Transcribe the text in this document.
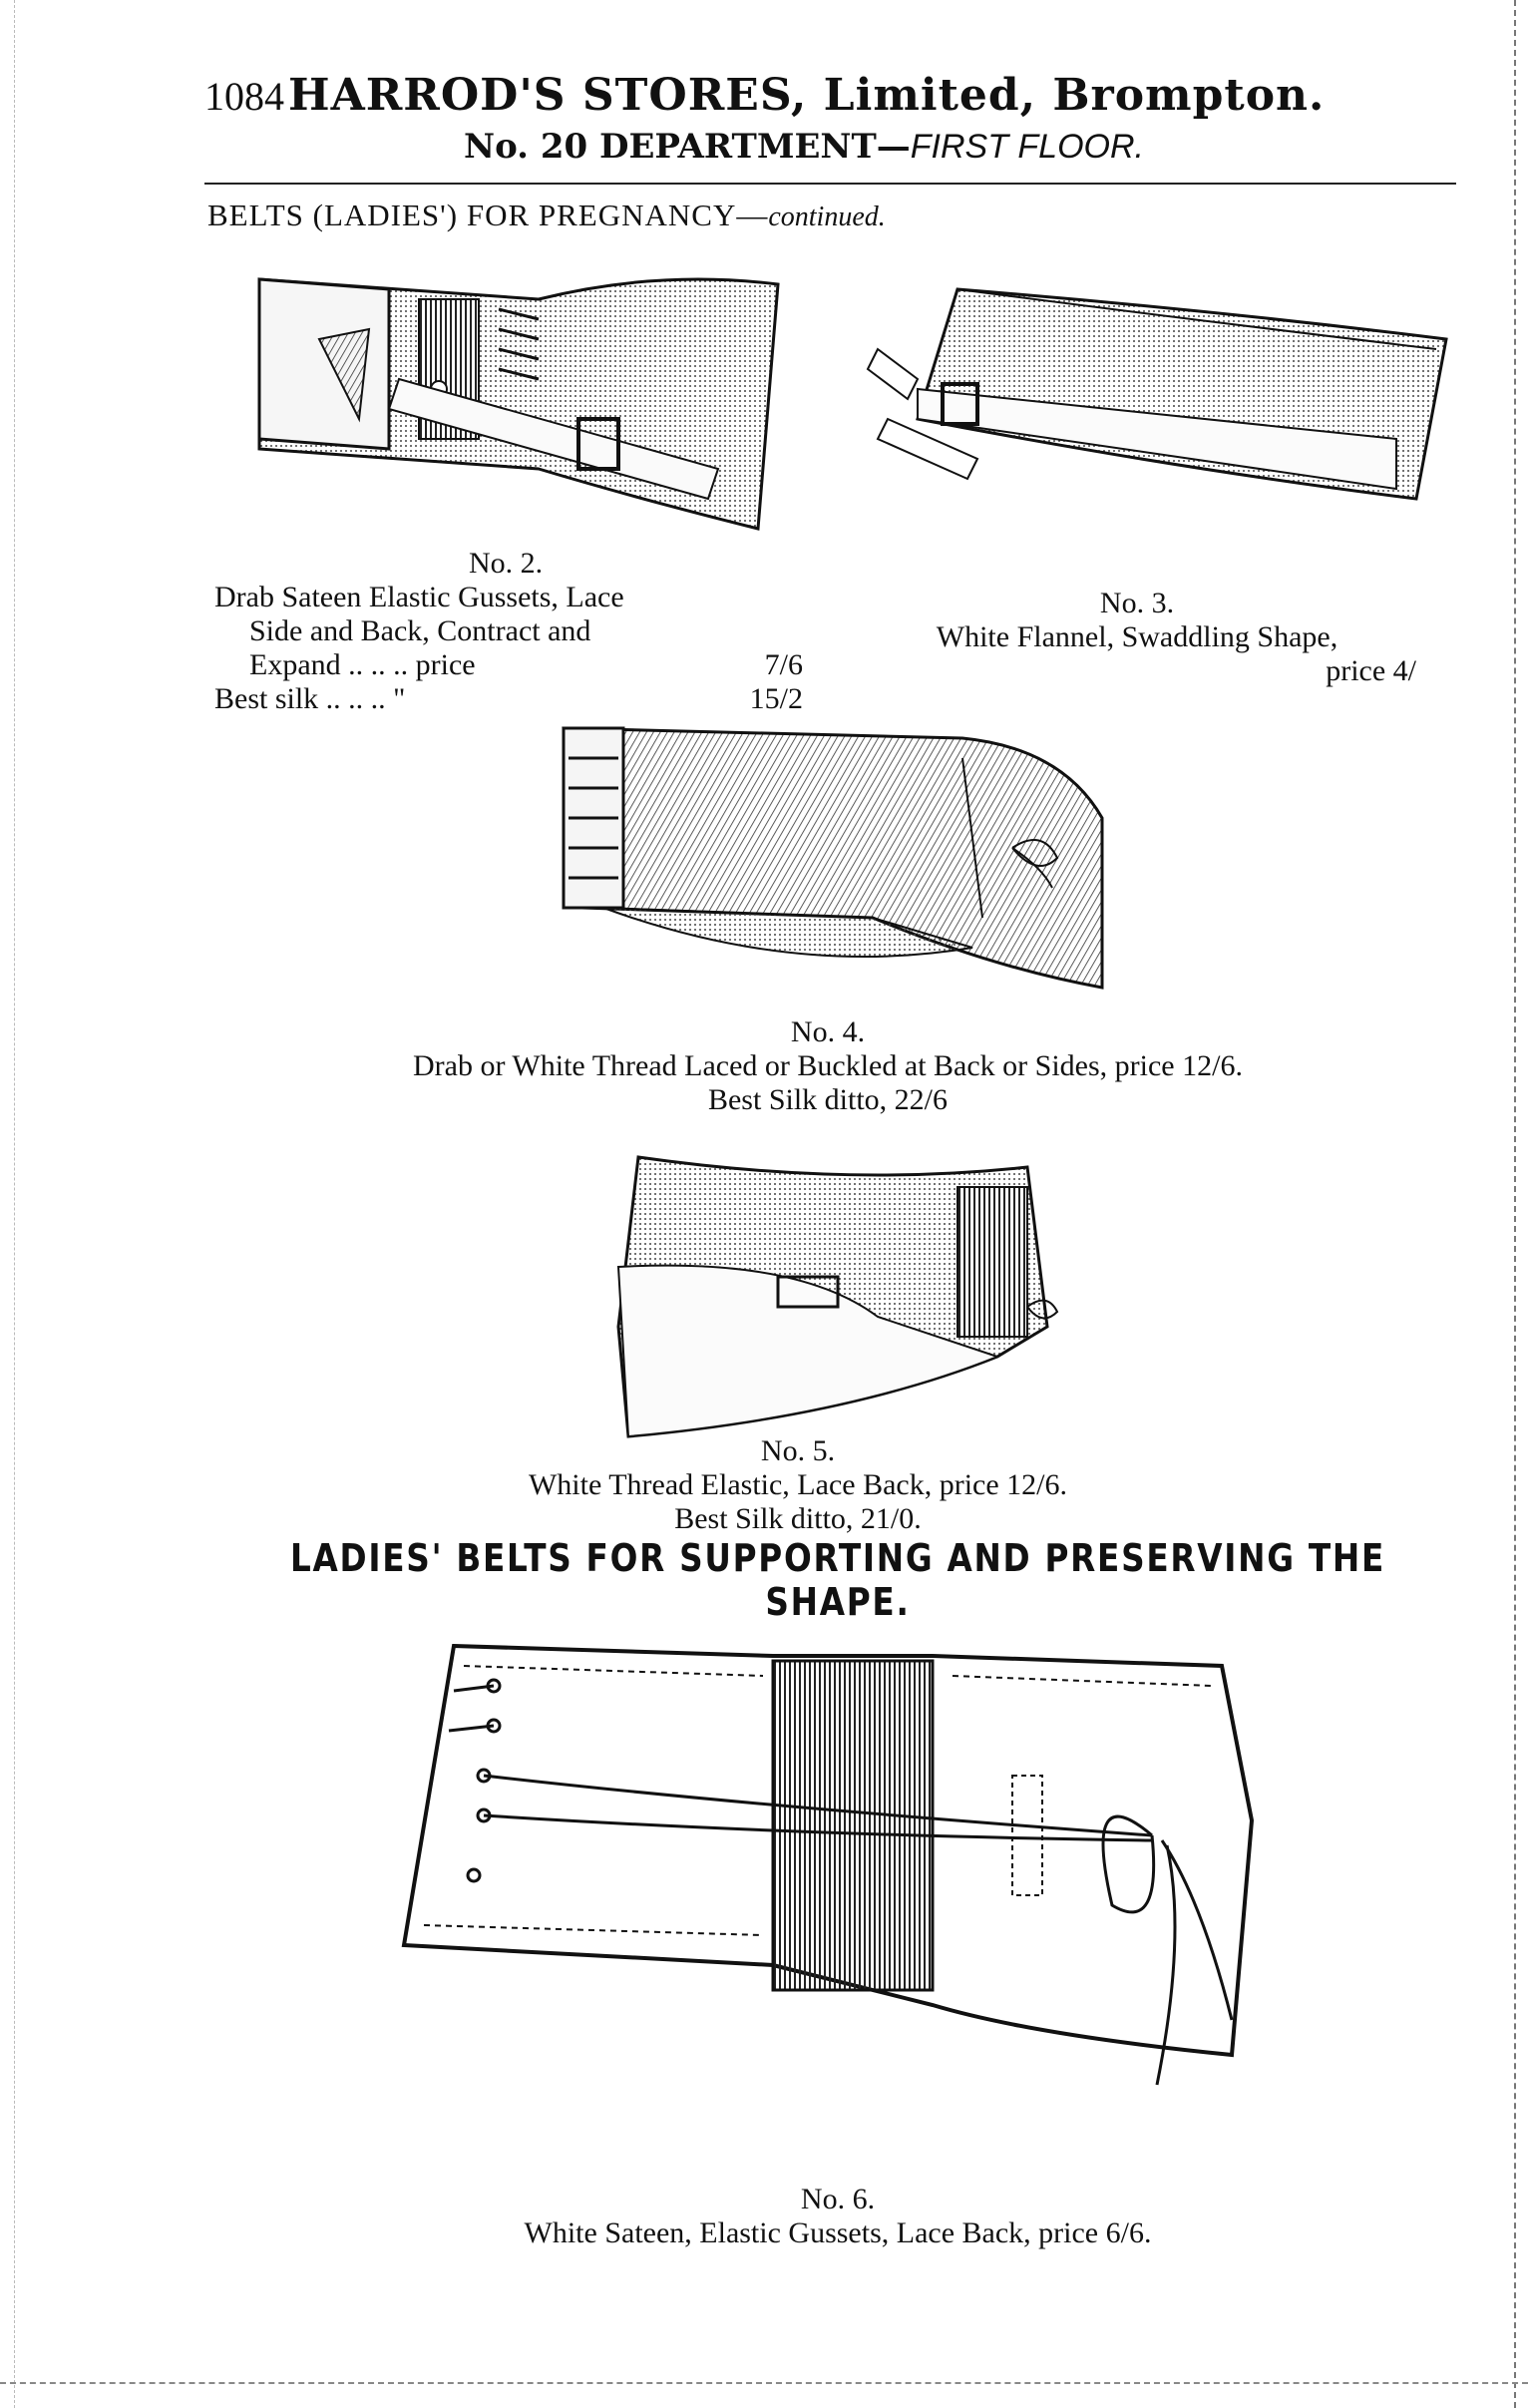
1084 HARROD'S STORES, Limited, Brompton.
No. 20 DEPARTMENT—FIRST FLOOR.
BELTS (LADIES') FOR PREGNANCY—continued.
No. 2.
Drab Sateen Elastic Gussets, Lace
Side and Back, Contract and
Expand .. .. .. price	7/6
Best silk .. .. .. "	15/2
No. 3.
White Flannel, Swaddling Shape,
price 4/
No. 4.
Drab or White Thread Laced or Buckled at Back or Sides, price 12/6.
Best Silk ditto, 22/6
No. 5.
White Thread Elastic, Lace Back, price 12/6.
Best Silk ditto, 21/0.
LADIES' BELTS FOR SUPPORTING AND PRESERVING THE
SHAPE.
No. 6.
White Sateen, Elastic Gussets, Lace Back, price 6/6.
